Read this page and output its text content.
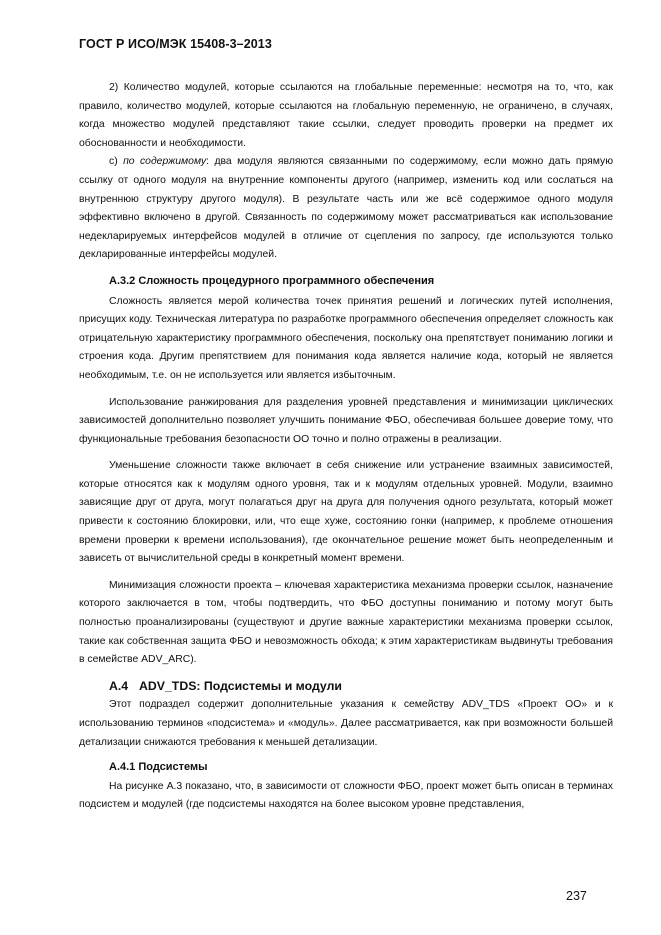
ГОСТ Р ИСО/МЭК 15408-3–2013

2) Количество модулей, которые ссылаются на глобальные переменные: несмотря на то, что, как правило, количество модулей, которые ссылаются на глобальную переменную, не ограничено, в случаях, когда множество модулей представляют такие ссылки, следует проводить проверки на предмет их обоснованности и необходимости.

c) по содержимому: два модуля являются связанными по содержимому, если можно дать прямую ссылку от одного модуля на внутренние компоненты другого (например, изменить код или сослаться на внутреннюю структуру другого модуля). В результате часть или же всё содержимое одного модуля эффективно включено в другой. Связанность по содержимому может рассматриваться как использование недекларируемых интерфейсов модулей в отличие от сцепления по запросу, где используются только декларированные интерфейсы модулей.

А.3.2 Сложность процедурного программного обеспечения

Сложность является мерой количества точек принятия решений и логических путей исполнения, присущих коду. Техническая литература по разработке программного обеспечения определяет сложность как отрицательную характеристику программного обеспечения, поскольку она препятствует пониманию логики и строения кода. Другим препятствием для понимания кода является наличие кода, который не является необходимым, т.е. он не используется или является избыточным.

Использование ранжирования для разделения уровней представления и минимизации циклических зависимостей дополнительно позволяет улучшить понимание ФБО, обеспечивая большее доверие тому, что функциональные требования безопасности ОО точно и полно отражены в реализации.

Уменьшение сложности также включает в себя снижение или устранение взаимных зависимостей, которые относятся как к модулям одного уровня, так и к модулям отдельных уровней. Модули, взаимно зависящие друг от друга, могут полагаться друг на друга для получения одного результата, который может привести к состоянию блокировки, или, что еще хуже, состоянию гонки (например, к проблеме отношения времени проверки к времени использования), где окончательное решение может быть неопределенным и зависеть от вычислительной среды в конкретный момент времени.

Минимизация сложности проекта – ключевая характеристика механизма проверки ссылок, назначение которого заключается в том, чтобы подтвердить, что ФБО доступны пониманию и потому могут быть полностью проанализированы (существуют и другие важные характеристики механизма проверки ссылок, такие как собственная защита ФБО и невозможность обхода; к этим характеристикам выдвинуты требования в семействе ADV_ARC).

А.4 ADV_TDS: Подсистемы и модули

Этот подраздел содержит дополнительные указания к семейству ADV_TDS «Проект ОО» и к использованию терминов «подсистема» и «модуль». Далее рассматривается, как при возможности большей детализации снижаются требования к меньшей детализации.

А.4.1 Подсистемы

На рисунке А.3 показано, что, в зависимости от сложности ФБО, проект может быть описан в терминах подсистем и модулей (где подсистемы находятся на более высоком уровне представления,

237
